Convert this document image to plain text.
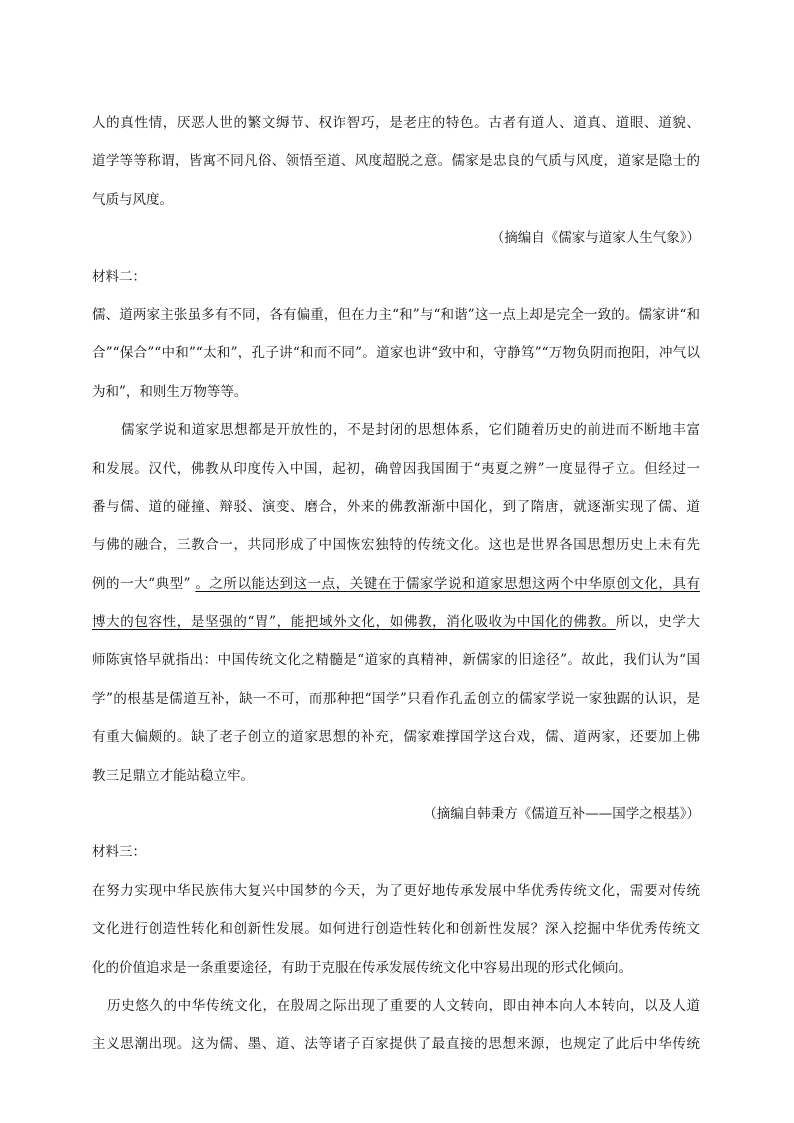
人的真性情，厌恶人世的繁文缛节、权诈智巧，是老庄的特色。古者有道人、道真、道眼、道貌、
道学等等称谓，皆寓不同凡俗、领悟至道、风度超脱之意。儒家是忠良的气质与风度，道家是隐士的
气质与风度。
（摘编自《儒家与道家人生气象》）
材料二：
儒、道两家主张虽多有不同，各有偏重，但在力主“和”与“和谐”这一点上却是完全一致的。儒家讲“和
合”“保合”“中和”“太和”，孔子讲“和而不同”。道家也讲“致中和，守静笃”“万物负阴而抱阳，冲气以
为和”，和则生万物等等。
儒家学说和道家思想都是开放性的，不是封闭的思想体系，它们随着历史的前进而不断地丰富
和发展。汉代，佛教从印度传入中国，起初，确曾因我国囿于“夷夏之辨”一度显得孑立。但经过一
番与儒、道的碰撞、辩驳、演变、磨合，外来的佛教渐渐中国化，到了隋唐，就逐渐实现了儒、道
与佛的融合，三教合一，共同形成了中国恢宏独特的传统文化。这也是世界各国思想历史上未有先
例的一大“典型” 。之所以能达到这一点，关键在于儒家学说和道家思想这两个中华原创文化，具有
博大的包容性，是坚强的“胃”，能把域外文化，如佛教，消化吸收为中国化的佛教。所以，史学大
师陈寅恪早就指出：中国传统文化之精髓是“道家的真精神，新儒家的旧途径”。故此，我们认为“国
学”的根基是儒道互补，缺一不可，而那种把“国学”只看作孔孟创立的儒家学说一家独踞的认识，是
有重大偏颇的。缺了老子创立的道家思想的补充，儒家难撑国学这台戏，儒、道两家，还要加上佛
教三足鼎立才能站稳立牢。
（摘编自韩秉方《儒道互补——国学之根基》）
材料三：
在努力实现中华民族伟大复兴中国梦的今天，为了更好地传承发展中华优秀传统文化，需要对传统
文化进行创造性转化和创新性发展。如何进行创造性转化和创新性发展？深入挖掘中华优秀传统文
化的价值追求是一条重要途径，有助于克服在传承发展传统文化中容易出现的形式化倾向。
历史悠久的中华传统文化，在殷周之际出现了重要的人文转向，即由神本向人本转向，以及人道
主义思潮出现。这为儒、墨、道、法等诸子百家提供了最直接的思想来源，也规定了此后中华传统
